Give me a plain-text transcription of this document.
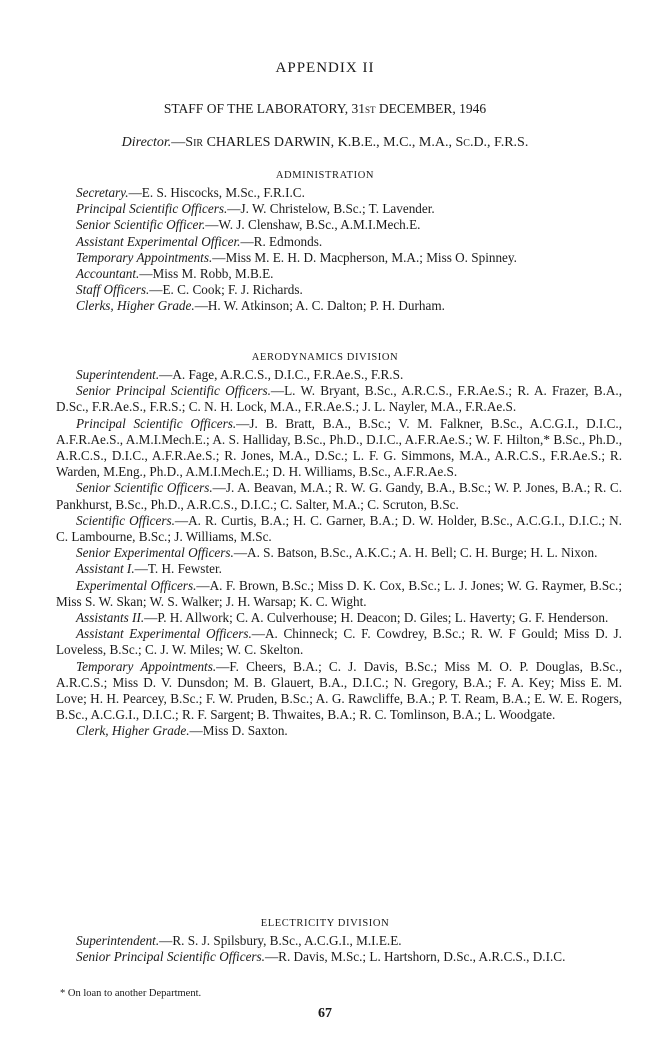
APPENDIX II
STAFF OF THE LABORATORY, 31st DECEMBER, 1946
Director.—Sir CHARLES DARWIN, K.B.E., M.C., M.A., Sc.D., F.R.S.
ADMINISTRATION

Secretary.—E. S. Hiscocks, M.Sc., F.R.I.C.

Principal Scientific Officers.—J. W. Christelow, B.Sc.; T. Lavender.

Senior Scientific Officer.—W. J. Clenshaw, B.Sc., A.M.I.Mech.E.

Assistant Experimental Officer.—R. Edmonds.

Temporary Appointments.—Miss M. E. H. D. Macpherson, M.A.; Miss O. Spinney.

Accountant.—Miss M. Robb, M.B.E.

Staff Officers.—E. C. Cook; F. J. Richards.

Clerks, Higher Grade.—H. W. Atkinson; A. C. Dalton; P. H. Durham.

AERODYNAMICS DIVISION

Superintendent.—A. Fage, A.R.C.S., D.I.C., F.R.Ae.S., F.R.S.

Senior Principal Scientific Officers.—L. W. Bryant, B.Sc., A.R.C.S., F.R.Ae.S.; R. A. Frazer, B.A., D.Sc., F.R.Ae.S., F.R.S.; C. N. H. Lock, M.A., F.R.Ae.S.; J. L. Nayler, M.A., F.R.Ae.S.

Principal Scientific Officers.—J. B. Bratt, B.A., B.Sc.; V. M. Falkner, B.Sc., A.C.G.I., D.I.C., A.F.R.Ae.S., A.M.I.Mech.E.; A. S. Halliday, B.Sc., Ph.D., D.I.C., A.F.R.Ae.S.; W. F. Hilton,* B.Sc., Ph.D., A.R.C.S., D.I.C., A.F.R.Ae.S.; R. Jones, M.A., D.Sc.; L. F. G. Simmons, M.A., A.R.C.S., F.R.Ae.S.; R. Warden, M.Eng., Ph.D., A.M.I.Mech.E.; D. H. Williams, B.Sc., A.F.R.Ae.S.

Senior Scientific Officers.—J. A. Beavan, M.A.; R. W. G. Gandy, B.A., B.Sc.; W. P. Jones, B.A.; R. C. Pankhurst, B.Sc., Ph.D., A.R.C.S., D.I.C.; C. Salter, M.A.; C. Scruton, B.Sc.

Scientific Officers.—A. R. Curtis, B.A.; H. C. Garner, B.A.; D. W. Holder, B.Sc., A.C.G.I., D.I.C.; N. C. Lambourne, B.Sc.; J. Williams, M.Sc.

Senior Experimental Officers.—A. S. Batson, B.Sc., A.K.C.; A. H. Bell; C. H. Burge; H. L. Nixon.

Assistant I.—T. H. Fewster.

Experimental Officers.—A. F. Brown, B.Sc.; Miss D. K. Cox, B.Sc.; L. J. Jones; W. G. Raymer, B.Sc.; Miss S. W. Skan; W. S. Walker; J. H. Warsap; K. C. Wight.

Assistants II.—P. H. Allwork; C. A. Culverhouse; H. Deacon; D. Giles; L. Haverty; G. F. Henderson.

Assistant Experimental Officers.—A. Chinneck; C. F. Cowdrey, B.Sc.; R. W. F Gould; Miss D. J. Loveless, B.Sc.; C. J. W. Miles; W. C. Skelton.

Temporary Appointments.—F. Cheers, B.A.; C. J. Davis, B.Sc.; Miss M. O. P. Douglas, B.Sc., A.R.C.S.; Miss D. V. Dunsdon; M. B. Glauert, B.A., D.I.C.; N. Gregory, B.A.; F. A. Key; Miss E. M. Love; H. H. Pearcey, B.Sc.; F. W. Pruden, B.Sc.; A. G. Rawcliffe, B.A.; P. T. Ream, B.A.; E. W. E. Rogers, B.Sc., A.C.G.I., D.I.C.; R. F. Sargent; B. Thwaites, B.A.; R. C. Tomlinson, B.A.; L. Woodgate.

Clerk, Higher Grade.—Miss D. Saxton.

ELECTRICITY DIVISION

Superintendent.—R. S. J. Spilsbury, B.Sc., A.C.G.I., M.I.E.E.

Senior Principal Scientific Officers.—R. Davis, M.Sc.; L. Hartshorn, D.Sc., A.R.C.S., D.I.C.

* On loan to another Department.
67
